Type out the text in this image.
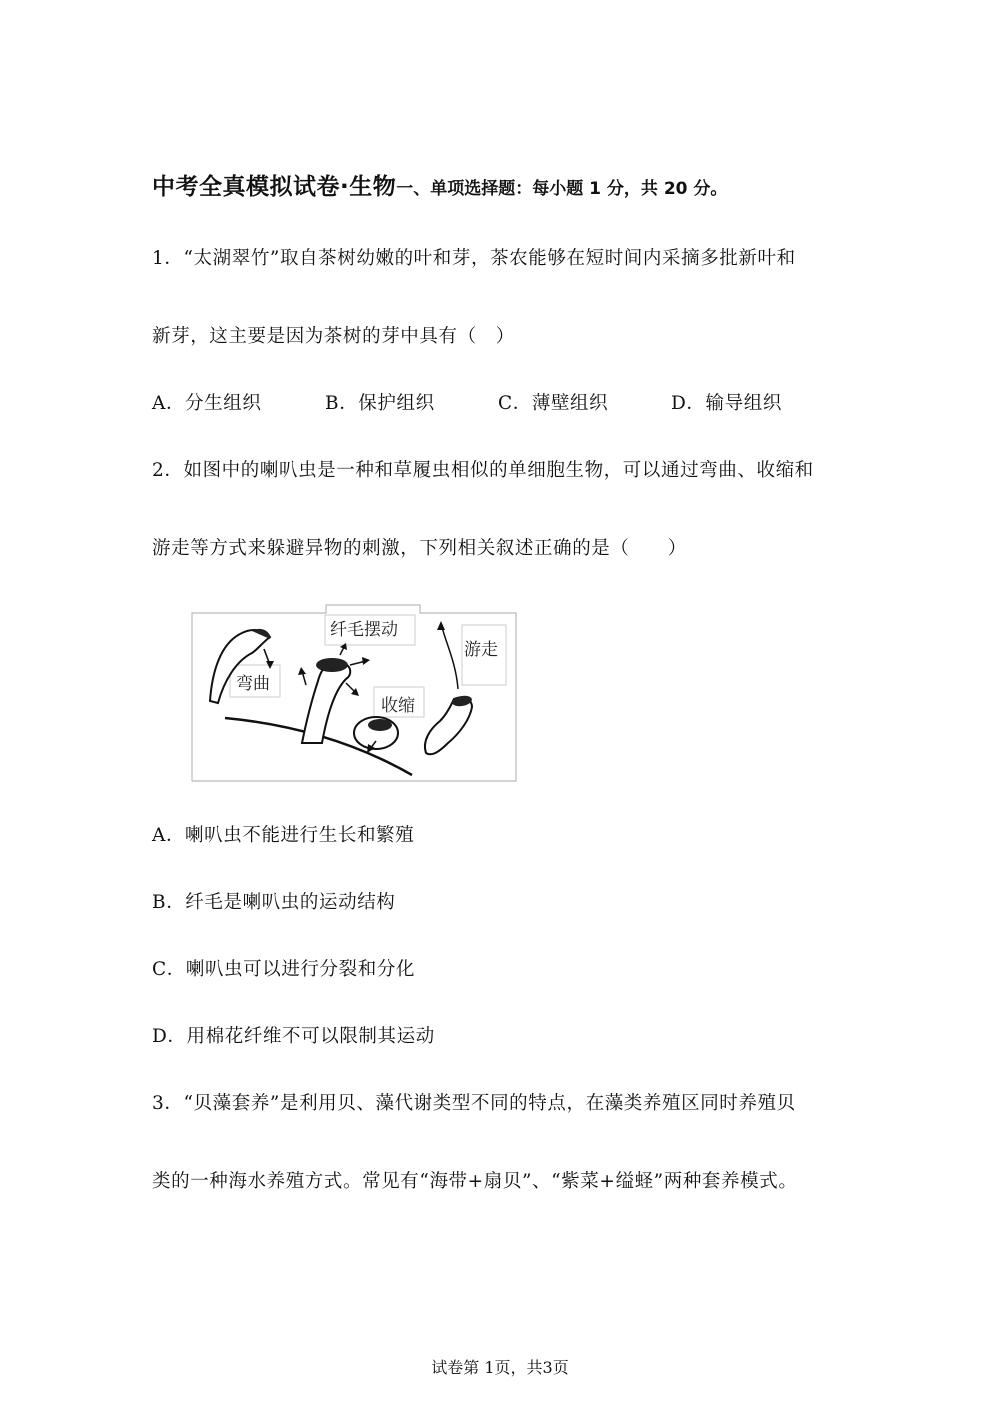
中考全真模拟试卷·生物一、单项选择题：每小题 1 分，共 20 分。
1．“太湖翠竹”取自茶树幼嫩的叶和芽，茶农能够在短时间内采摘多批新叶和
新芽，这主要是因为茶树的芽中具有（　）
A．分生组织	B．保护组织	C．薄壁组织	D．输导组织
2．如图中的喇叭虫是一种和草履虫相似的单细胞生物，可以通过弯曲、收缩和
游走等方式来躲避异物的刺激，下列相关叙述正确的是（　　）
弯曲
纤毛摆动
游走
收缩
A．喇叭虫不能进行生长和繁殖
B．纤毛是喇叭虫的运动结构
C．喇叭虫可以进行分裂和分化
D．用棉花纤维不可以限制其运动
3．“贝藻套养”是利用贝、藻代谢类型不同的特点，在藻类养殖区同时养殖贝
类的一种海水养殖方式。常见有“海带+扇贝”、“紫菜+缢蛏”两种套养模式。
试卷第 1页，共3页
